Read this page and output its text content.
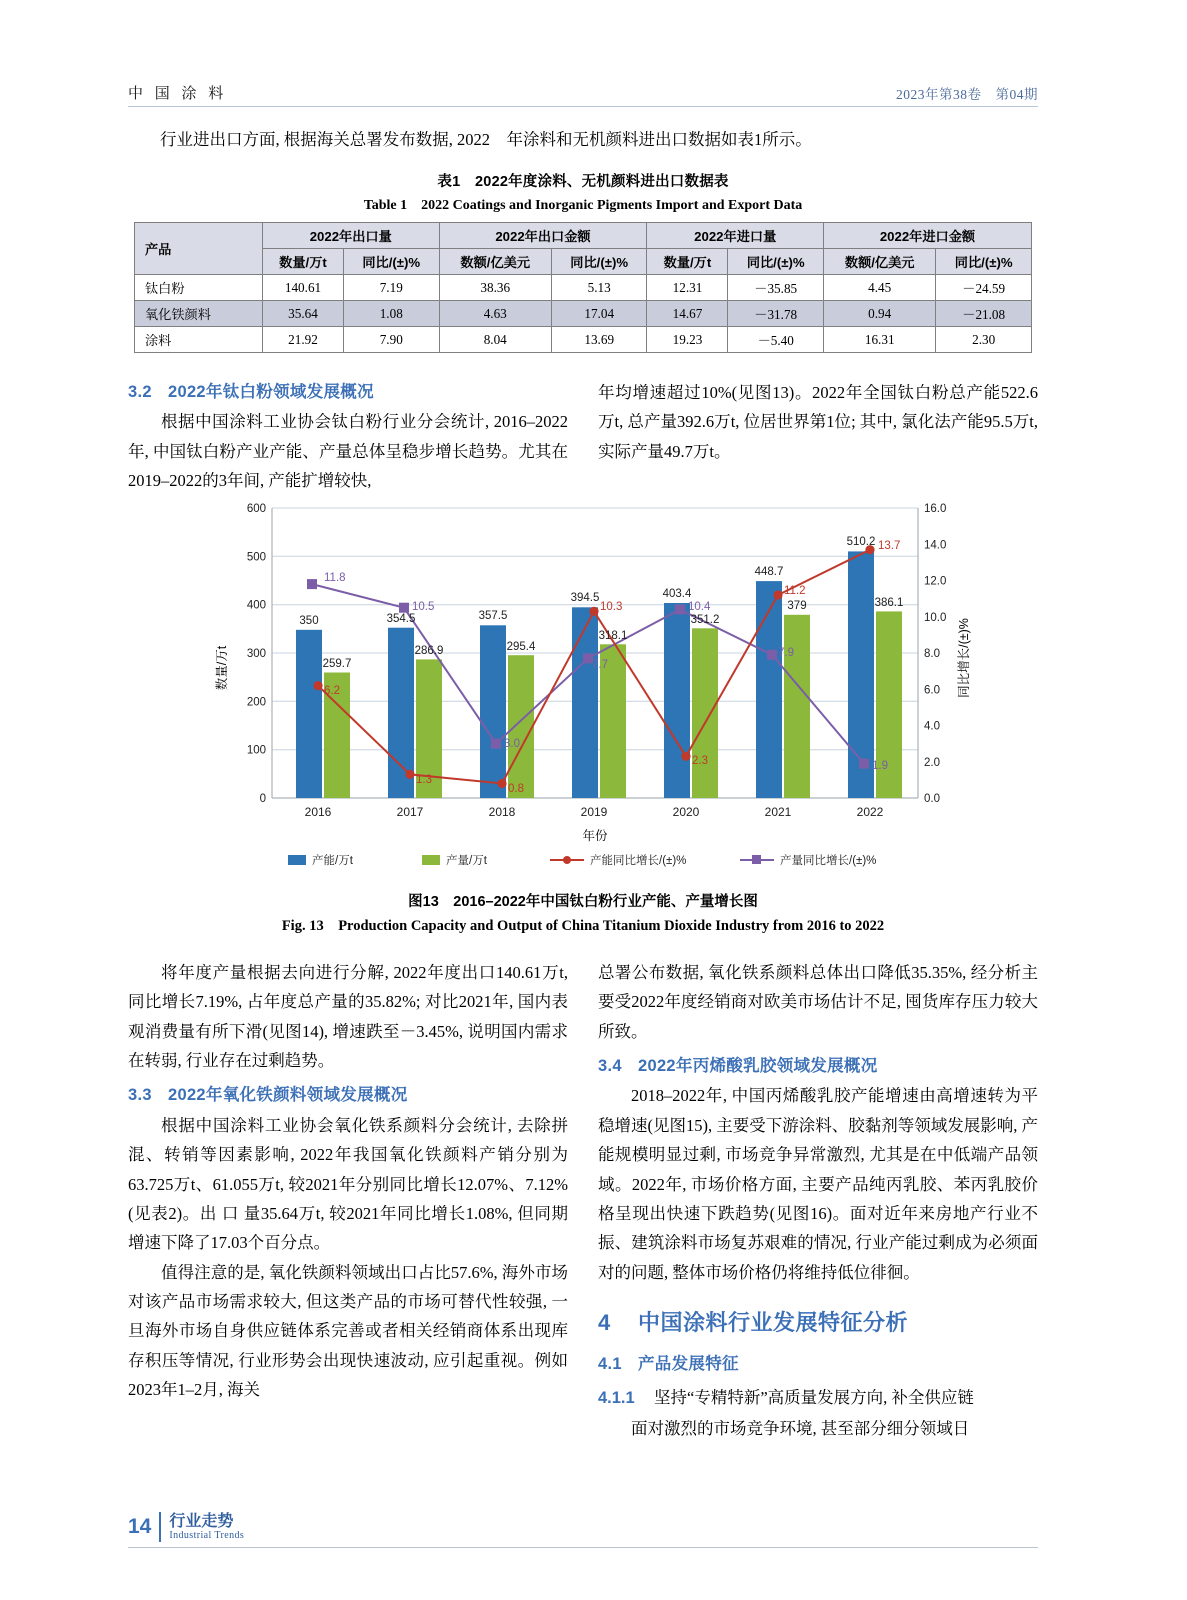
中 国 涂 料	2023年第38卷　第04期
行业进出口方面, 根据海关总署发布数据, 2022　年涂料和无机颜料进出口数据如表1所示。
表1　2022年度涂料、无机颜料进出口数据表
Table 1　2022 Coatings and Inorganic Pigments Import and Export Data
产品	2022年出口量		2022年出口金额		2022年进口量		2022年进口金额	
	数量/万t	同比/(±)%	数额/亿美元	同比/(±)%	数量/万t	同比/(±)%	数额/亿美元	同比/(±)%
钛白粉	140.61	7.19	38.36	5.13	12.31	－35.85	4.45	－24.59
氧化铁颜料	35.64	1.08	4.63	17.04	14.67	－31.78	0.94	－21.08
涂料	21.92	7.90	8.04	13.69	19.23	－5.40	16.31	2.30

3.2 2022年钛白粉领域发展概况

根据中国涂料工业协会钛白粉行业分会统计, 2016–2022年, 中国钛白粉产业产能、产量总体呈稳步增长趋势。尤其在2019–2022的3年间, 产能扩增较快,

年均增速超过10%(见图13)。2022年全国钛白粉总产能522.6万t, 总产量392.6万t, 位居世界第1位; 其中, 氯化法产能95.5万t, 实际产量49.7万t。

0
100
200
300
400
500
600
0.0
2.0
4.0
6.0
8.0
10.0
12.0
14.0
16.0
数量/万t	同比增长/(±)%
年份
350	354.5	357.5
394.5	403.4
448.7
510.2
259.7
286.9	295.4
318.1
351.2
379	386.1
6.2
1.3
0.8
10.3
2.3
11.2
13.7
11.8
10.5
3.0
7.7
10.4
7.9
1.9
2016	2017	2018	2019	2020	2021	2022
产能/万t	产量/万t	产能同比增长/(±)%	产量同比增长/(±)%
图13　2016–2022年中国钛白粉行业产能、产量增长图
Fig. 13　Production Capacity and Output of China Titanium Dioxide Industry from 2016 to 2022

将年度产量根据去向进行分解, 2022年度出口140.61万t, 同比增长7.19%, 占年度总产量的35.82%; 对比2021年, 国内表观消费量有所下滑(见图14), 增速跌至－3.45%, 说明国内需求在转弱, 行业存在过剩趋势。

3.3 2022年氧化铁颜料领域发展概况

根据中国涂料工业协会氧化铁系颜料分会统计, 去除拼混、转销等因素影响, 2022年我国氧化铁颜料产销分别为63.725万t、61.055万t, 较2021年分别同比增长12.07%、7.12%(见表2)。出 口 量35.64万t, 较2021年同比增长1.08%, 但同期增速下降了17.03个百分点。

值得注意的是, 氧化铁颜料领域出口占比57.6%, 海外市场对该产品市场需求较大, 但这类产品的市场可替代性较强, 一旦海外市场自身供应链体系完善或者相关经销商体系出现库存积压等情况, 行业形势会出现快速波动, 应引起重视。例如2023年1–2月, 海关

总署公布数据, 氧化铁系颜料总体出口降低35.35%, 经分析主要受2022年度经销商对欧美市场估计不足, 囤货库存压力较大所致。

3.4 2022年丙烯酸乳胶领域发展概况

2018–2022年, 中国丙烯酸乳胶产能增速由高增速转为平稳增速(见图15), 主要受下游涂料、胶黏剂等领域发展影响, 产能规模明显过剩, 市场竞争异常激烈, 尤其是在中低端产品领域。2022年, 市场价格方面, 主要产品纯丙乳胶、苯丙乳胶价格呈现出快速下跌趋势(见图16)。面对近年来房地产行业不振、建筑涂料市场复苏艰难的情况, 行业产能过剩成为必须面对的问题, 整体市场价格仍将维持低位徘徊。

4 中国涂料行业发展特征分析

4.1 产品发展特征

4.1.1 坚持“专精特新”高质量发展方向, 补全供应链

面对激烈的市场竞争环境, 甚至部分细分领域日

14 行业走势
Industrial Trends
